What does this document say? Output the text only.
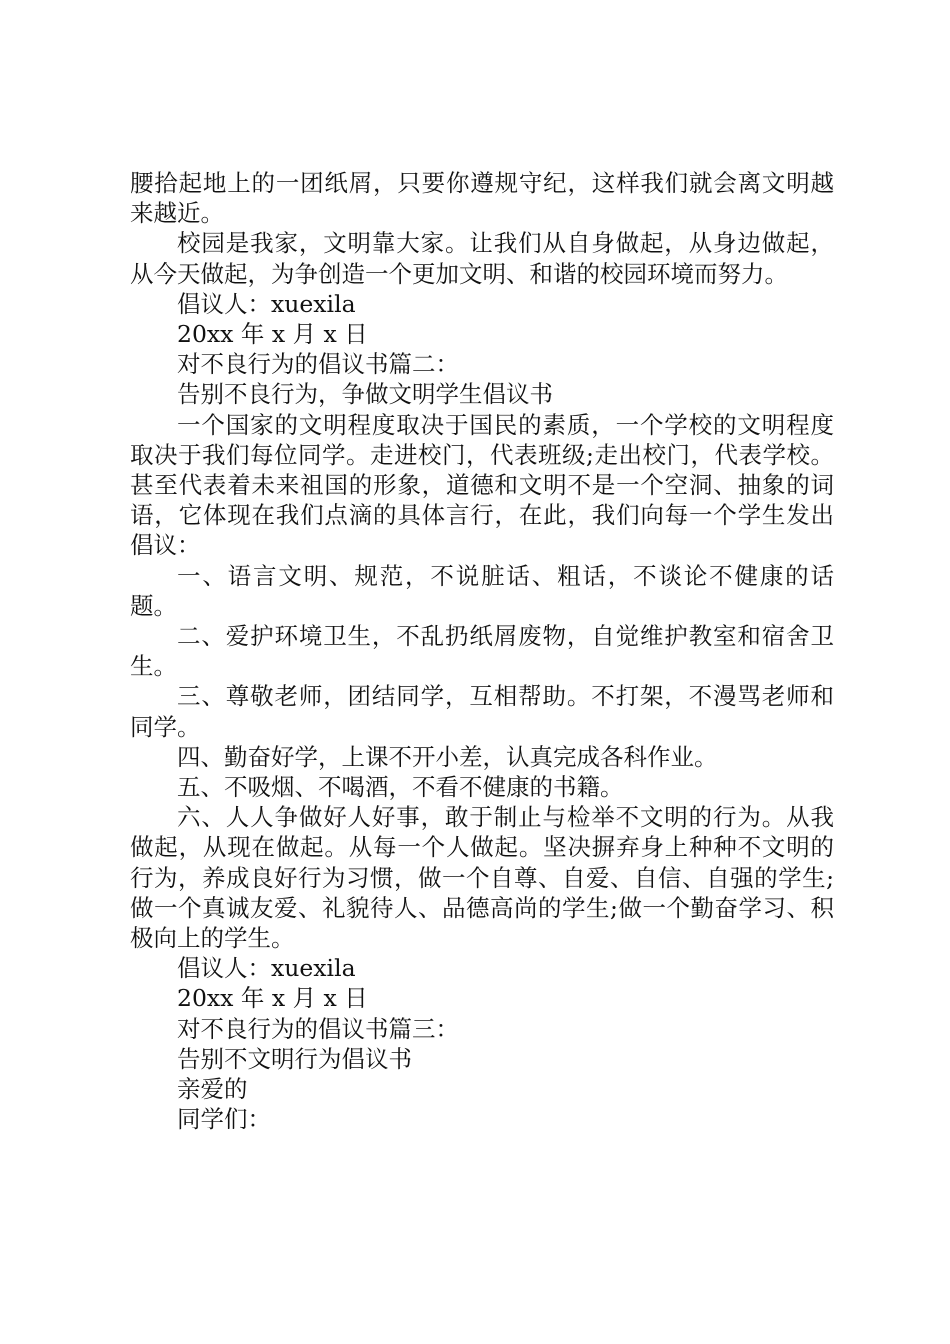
腰拾起地上的一团纸屑，只要你遵规守纪，这样我们就会离文明越来越近。

校园是我家，文明靠大家。让我们从自身做起，从身边做起，从今天做起，为争创造一个更加文明、和谐的校园环境而努力。

倡议人：xuexila

20xx 年 x 月 x 日

对不良行为的倡议书篇二：

告别不良行为，争做文明学生倡议书

一个国家的文明程度取决于国民的素质，一个学校的文明程度取决于我们每位同学。走进校门，代表班级;走出校门，代表学校。甚至代表着未来祖国的形象，道德和文明不是一个空洞、抽象的词语，它体现在我们点滴的具体言行，在此，我们向每一个学生发出倡议：

一、语言文明、规范，不说脏话、粗话，不谈论不健康的话题。

二、爱护环境卫生，不乱扔纸屑废物，自觉维护教室和宿舍卫生。

三、尊敬老师，团结同学，互相帮助。不打架，不漫骂老师和同学。

四、勤奋好学，上课不开小差，认真完成各科作业。

五、不吸烟、不喝酒，不看不健康的书籍。

六、人人争做好人好事，敢于制止与检举不文明的行为。从我做起，从现在做起。从每一个人做起。坚决摒弃身上种种不文明的行为，养成良好行为习惯，做一个自尊、自爱、自信、自强的学生;做一个真诚友爱、礼貌待人、品德高尚的学生;做一个勤奋学习、积极向上的学生。

倡议人：xuexila

20xx 年 x 月 x 日

对不良行为的倡议书篇三：

告别不文明行为倡议书

亲爱的

同学们：
